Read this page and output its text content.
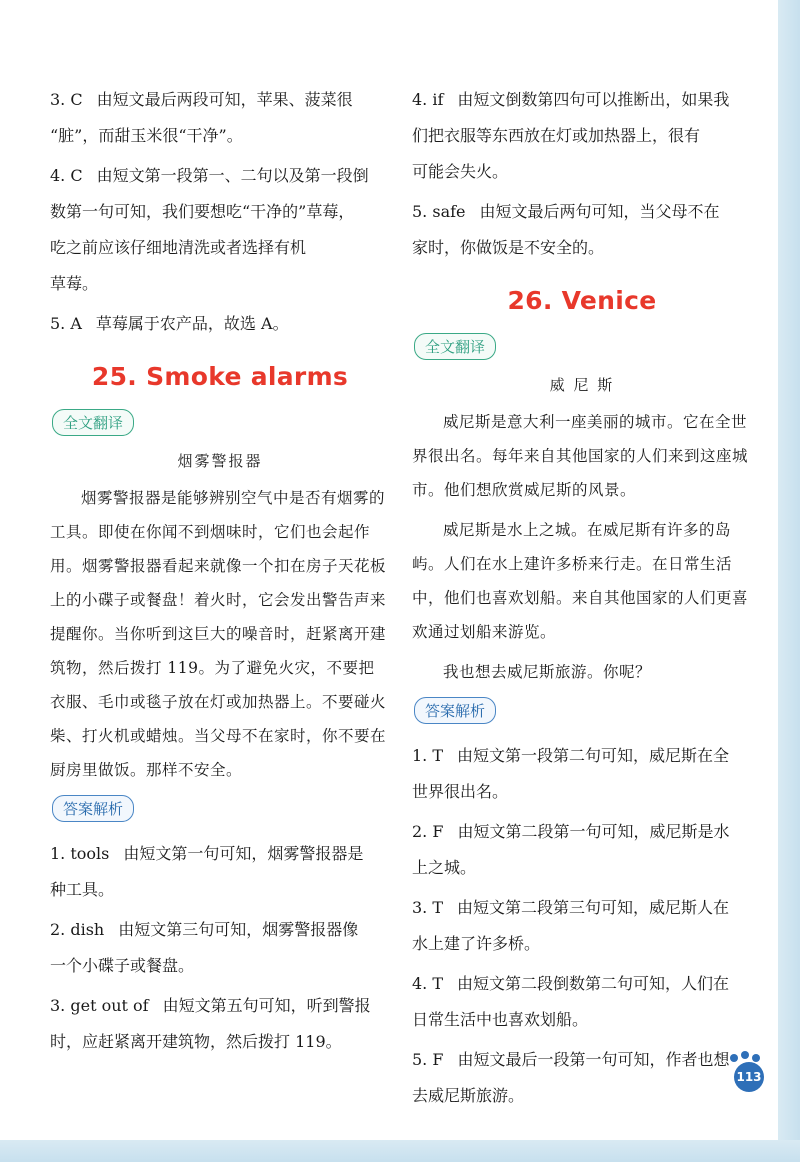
3. C 由短文最后两段可知，苹果、菠菜很
“脏”，而甜玉米很“干净”。
4. C 由短文第一段第一、二句以及第一段倒
数第一句可知，我们要想吃“干净的”草莓，
吃之前应该仔细地清洗或者选择有机
草莓。
5. A 草莓属于农产品，故选 A。
25. Smoke alarms
全文翻译
烟雾警报器

烟雾警报器是能够辨别空气中是否有烟雾的工具。即使在你闻不到烟味时，它们也会起作用。烟雾警报器看起来就像一个扣在房子天花板上的小碟子或餐盘！着火时，它会发出警告声来提醒你。当你听到这巨大的噪音时，赶紧离开建筑物，然后拨打 119。为了避免火灾，不要把衣服、毛巾或毯子放在灯或加热器上。不要碰火柴、打火机或蜡烛。当父母不在家时，你不要在厨房里做饭。那样不安全。

答案解析
1. tools 由短文第一句可知，烟雾警报器是
种工具。
2. dish 由短文第三句可知，烟雾警报器像
一个小碟子或餐盘。
3. get out of 由短文第五句可知，听到警报
时，应赶紧离开建筑物，然后拨打 119。
4. if 由短文倒数第四句可以推断出，如果我
们把衣服等东西放在灯或加热器上，很有
可能会失火。
5. safe 由短文最后两句可知，当父母不在
家时，你做饭是不安全的。
26. Venice
全文翻译
威 尼 斯

威尼斯是意大利一座美丽的城市。它在全世界很出名。每年来自其他国家的人们来到这座城市。他们想欣赏威尼斯的风景。

威尼斯是水上之城。在威尼斯有许多的岛屿。人们在水上建许多桥来行走。在日常生活中，他们也喜欢划船。来自其他国家的人们更喜欢通过划船来游览。

我也想去威尼斯旅游。你呢？

答案解析
1. T 由短文第一段第二句可知，威尼斯在全
世界很出名。
2. F 由短文第二段第一句可知，威尼斯是水
上之城。
3. T 由短文第二段第三句可知，威尼斯人在
水上建了许多桥。
4. T 由短文第二段倒数第二句可知，人们在
日常生活中也喜欢划船。
5. F 由短文最后一段第一句可知，作者也想
去威尼斯旅游。
113
